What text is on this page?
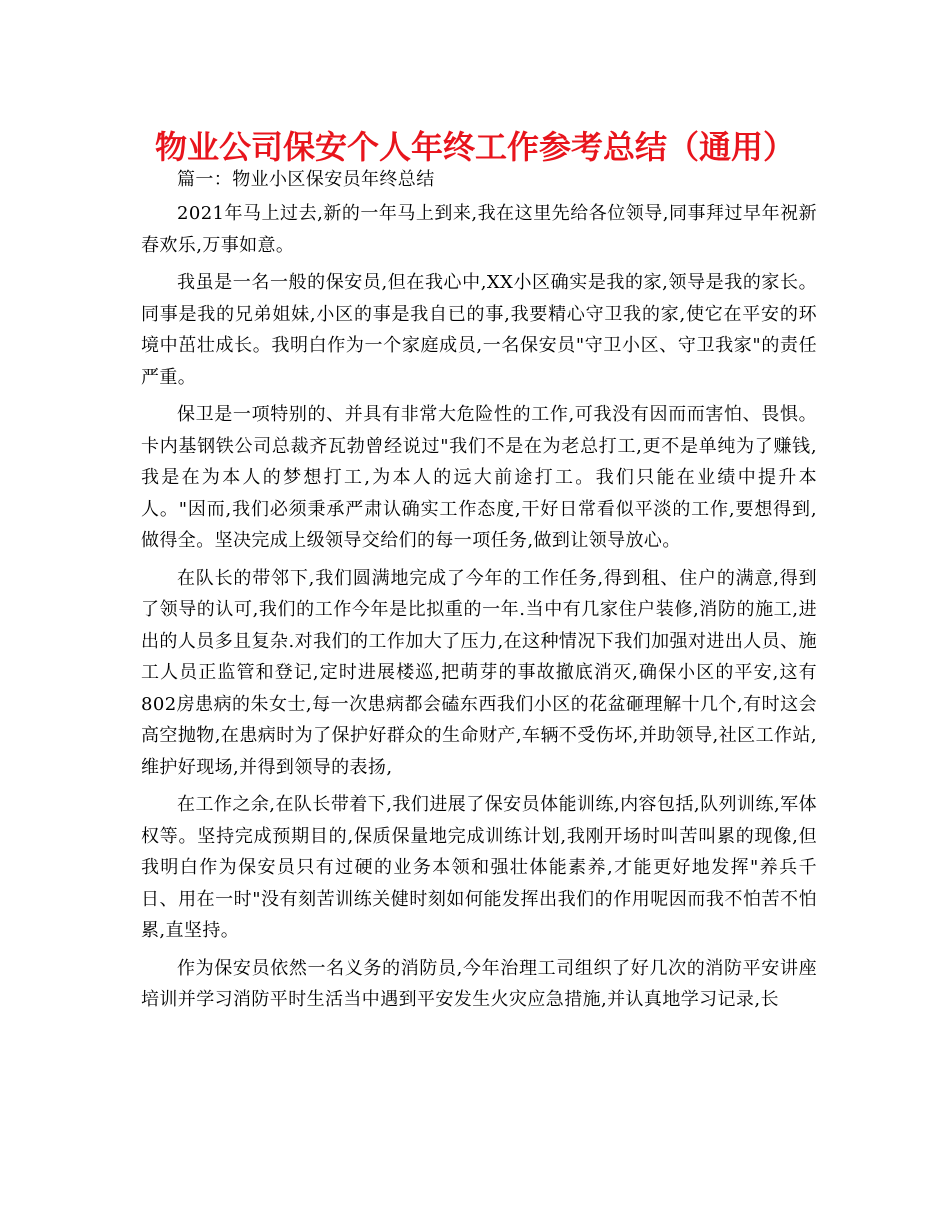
物业公司保安个人年终工作参考总结（通用）

篇一：物业小区保安员年终总结

2021年马上过去,新的一年马上到来,我在这里先给各位领导,同事拜过早年祝新春欢乐,万事如意。

我虽是一名一般的保安员,但在我心中,XX小区确实是我的家,领导是我的家长。同事是我的兄弟姐妹,小区的事是我自已的事,我要精心守卫我的家,使它在平安的环境中茁壮成长。我明白作为一个家庭成员,一名保安员"守卫小区、守卫我家"的责任严重。

保卫是一项特别的、并具有非常大危险性的工作,可我没有因而而害怕、畏惧。卡内基钢铁公司总裁齐瓦勃曾经说过"我们不是在为老总打工,更不是单纯为了赚钱,我是在为本人的梦想打工,为本人的远大前途打工。我们只能在业绩中提升本人。"因而,我们必须秉承严肃认确实工作态度,干好日常看似平淡的工作,要想得到,做得全。坚决完成上级领导交给们的每一项任务,做到让领导放心。

在队长的带邻下,我们圆满地完成了今年的工作任务,得到租、住户的满意,得到了领导的认可,我们的工作今年是比拟重的一年.当中有几家住户装修,消防的施工,进出的人员多且复杂.对我们的工作加大了压力,在这种情况下我们加强对进出人员、施工人员正监管和登记,定时进展楼巡,把萌芽的事故撤底消灭,确保小区的平安,这有802房患病的朱女士,每一次患病都会磕东西我们小区的花盆砸理解十几个,有时这会高空抛物,在患病时为了保护好群众的生命财产,车辆不受伤坏,并助领导,社区工作站,维护好现场,并得到领导的表扬,

在工作之余,在队长带着下,我们进展了保安员体能训练,内容包括,队列训练,军体权等。坚持完成预期目的,保质保量地完成训练计划,我刚开场时叫苦叫累的现像,但我明白作为保安员只有过硬的业务本领和强壮体能素养,才能更好地发挥"养兵千日、用在一时"没有刻苦训练关健时刻如何能发挥出我们的作用呢因而我不怕苦不怕累,直坚持。

作为保安员依然一名义务的消防员,今年治理工司组织了好几次的消防平安讲座培训并学习消防平时生活当中遇到平安发生火灾应急措施,并认真地学习记录,长
